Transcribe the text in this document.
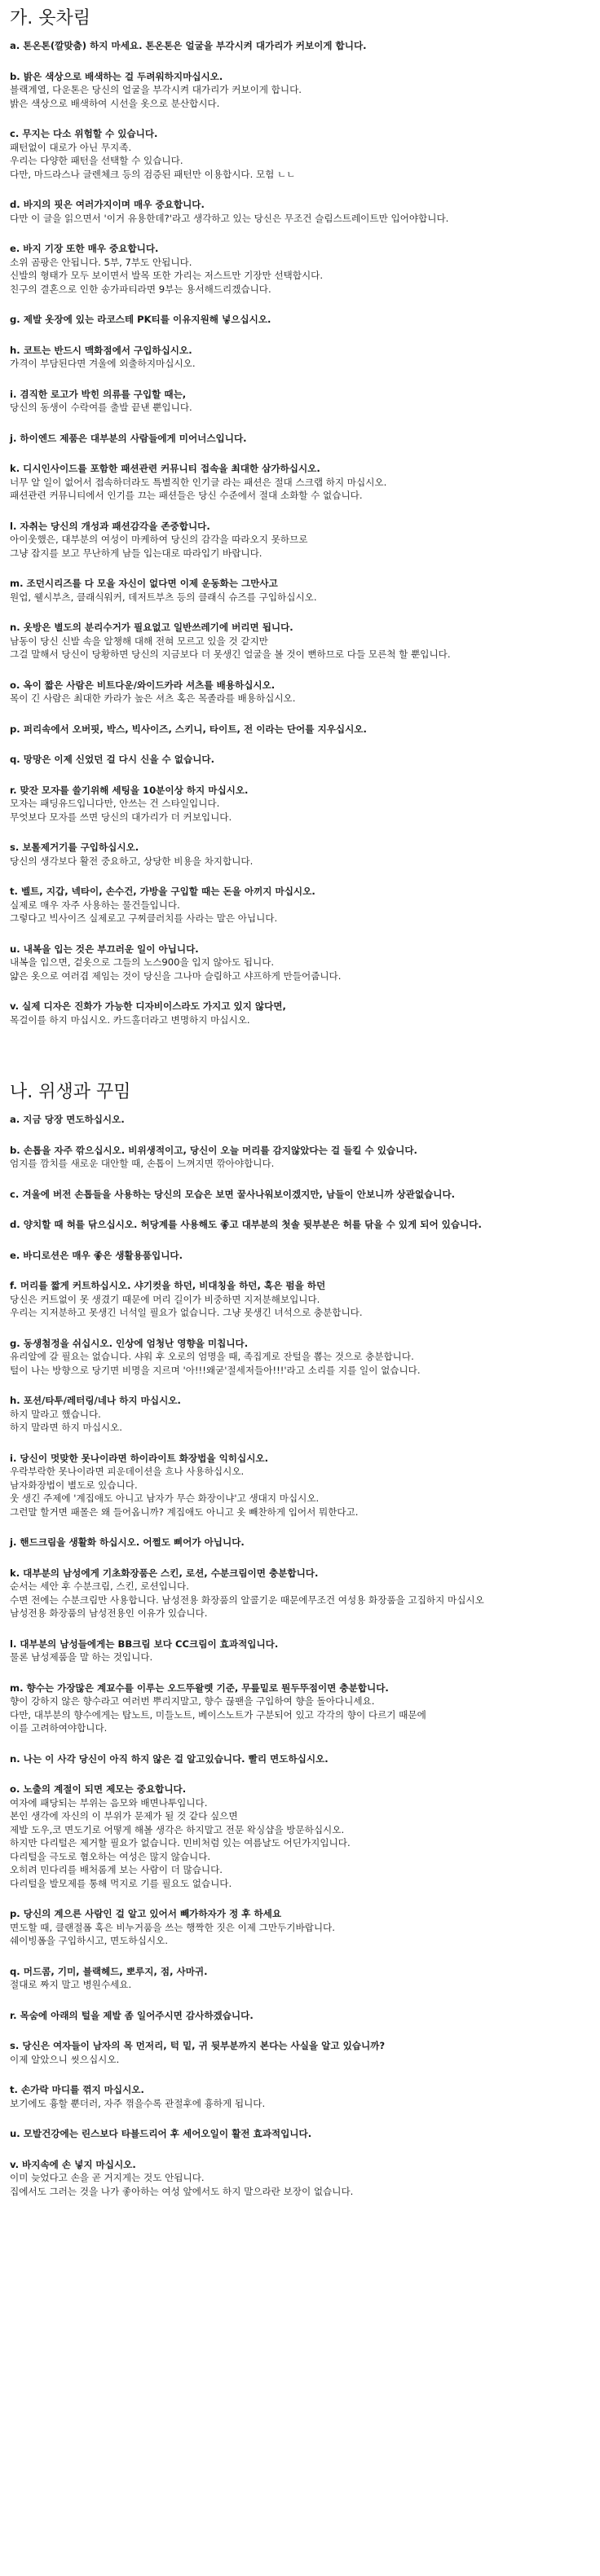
가. 옷차림
a. 톤온톤(깔맞춤) 하지 마세요. 톤온톤은 얼굴을 부각시켜 대가리가 커보이게 합니다.
b. 밝은 색상으로 배색하는 걸 두려워하지마십시오.
블랙계열, 다운톤은 당신의 얼굴을 부각시켜 대가리가 커보이게 합니다.
밝은 색상으로 배색하여 시선을 옷으로 분산합시다.
c. 무지는 다소 위험할 수 있습니다.
패턴없이 대로가 아닌 무지족.
우리는 다양한 패턴을 선택할 수 있습니다.
다만, 마드라스나 글렌체크 등의 검증된 패턴만 이용합시다. 모험 ㄴㄴ
d. 바지의 핏은 여러가지이며 매우 중요합니다.
다만 이 글을 읽으면서 '이거 유용한데?'라고 생각하고 있는 당신은 무조건 슬림스트레이트만 입어야합니다.
e. 바지 기장 또한 매우 중요합니다.
소위 곰팡은 안됩니다. 5부, 7부도 안됩니다.
신발의 형태가 모두 보이면서 발목 또한 가리는 저스트만 기장만 선택합시다.
친구의 결혼으로 인한 송가파티라면 9부는 용서해드리겠습니다.
g. 제발 옷장에 있는 라코스테 PK티를 이유지원해 넣으십시오.
h. 코트는 반드시 맥화점에서 구입하십시오.
가격이 부담된다면 겨울에 외출하지마십시오.
i. 겸직한 로고가 박힌 의류를 구입할 때는,
당신의 동생이 수락여를 출발 끝낸 뿐입니다.
j. 하이엔드 제품은 대부분의 사람들에게 미어너스입니다.
k. 디시인사이드를 포함한 패션관련 커뮤니티 접속을 최대한 삼가하십시오.
너무 알 일이 없어서 접속하더라도 특별직한 인기글 라는 패션은 절대 스크랩 하지 마십시오.
패션관련 커뮤니티에서 인기를 끄는 패션들은 당신 수준에서 절대 소화할 수 없습니다.
l. 자취는 당신의 개성과 패션감각을 존중합니다.
아이웃했은, 대부분의 여성이 마케하여 당신의 감각을 따라오지 못하므로
그냥 잡지를 보고 무난하게 남들 입는대로 따라입기 바랍니다.
m. 조던시리즈를 다 모을 자신이 없다면 이제 운동화는 그만사고
원업, 웰시부츠, 클래식워커, 데저트부츠 등의 클래식 슈즈를 구입하십시오.
n. 옷방은 별도의 분리수거가 필요없고 일반쓰레기에 버리면 됩니다.
남동이 당신 신발 속을 알챙해 대해 전혀 모르고 있을 것 같지만
그걸 말해서 당신이 당황하면 당신의 지금보다 더 못생긴 얼굴을 볼 것이 뻔하므로 다들 모른척 할 뿐입니다.
o. 옥이 짧은 사람은 비트다운/와이드카라 셔츠를 배용하십시오.
목이 긴 사람은 최대한 카라가 높은 셔츠 혹은 목졸라를 배용하십시오.
p. 퍼리속에서 오버핏, 박스, 빅사이즈, 스키니, 타이트, 전 이라는 단어를 지우십시오.
q. 망망은 이제 신었던 걸 다시 신을 수 없습니다.
r. 맞잔 모자를 쓸기위해 세팅을 10분이상 하지 마십시오.
모자는 패딩유드입니다만, 안쓰는 건 스타일입니다.
무엇보다 모자를 쓰면 당신의 대가리가 더 커보입니다.
s. 보톨제거기를 구입하십시오.
당신의 생각보다 활전 중요하고, 상당한 비용을 차지합니다.
t. 벨트, 지갑, 넥타이, 손수건, 가방을 구입할 때는 돈을 아끼지 마십시오.
실제로 매우 자주 사용하는 물건들입니다.
그렇다고 빅사이즈 실제로고 구찌클러치를 사라는 말은 아닙니다.
u. 내복을 입는 것은 부끄러운 일이 아닙니다.
내복을 입으면, 겉옷으로 그들의 노스900을 입지 않아도 됩니다.
얇은 옷으로 여러겹 제임는 것이 당신을 그나마 슬림하고 샤프하게 만들어줍니다.
v. 실제 디자은 진화가 가능한 디자비이스라도 가지고 있지 않다면,
목걸이를 하지 마십시오. 카드홀더라고 변명하지 마십시오.
나. 위생과 꾸밈
a. 지금 당장 면도하십시오.
b. 손톱을 자주 깎으십시오. 비위생적이고, 당신이 오늘 머리를 감지않았다는 걸 들킬 수 있습니다.
엄지를 깜치를 새로운 대안할 때, 손톱이 느껴지면 깎아야합니다.
c. 겨울에 버전 손톱들을 사용하는 당신의 모습은 보면 꿀사나워보이겠지만, 남들이 안보니까 상관없습니다.
d. 양치할 때 혀를 닦으십시오. 허당계를 사용해도 좋고 대부분의 첫솔 뒷부분은 허를 닦을 수 있게 되어 있습니다.
e. 바디로션은 매우 좋은 생활용품입니다.
f. 머리를 짧게 커트하십시오. 샤기컷을 하던, 비대칭을 하던, 혹은 펌을 하던
당신은 커트없이 못 생겼기 때문에 머리 길이가 비중하면 지저분해보입니다.
우리는 지저분하고 못생긴 너석일 필요가 없습니다. 그냥 못생긴 녀석으로 충분합니다.
g. 동생첨정을 쉬십시오. 인상에 엄청난 영향을 미칩니다.
유리알에 갈 필요는 없습니다. 샤워 후 오로의 엄명을 때, 족집게로 잔털을 뽑는 것으로 충분합니다.
털이 나는 방향으로 당기면 비명을 지르며 '아!!!왜굳'절세저들아!!!'라고 소리를 지를 일이 없습니다.
h. 포션/타투/레터링/네나 하지 마십시오.
하지 말라고 했습니다.
하지 말라면 하지 마십시오.
i. 당신이 멋맞한 못나이라면 하이라이트 화장법을 익히십시오.
우락부락한 못나이라면 피운데이션을 흐나 사용하십시오.
남자화장법이 별도로 있습니다.
웃 생긴 주제에 '계집애도 아니고 남자가 무슨 화장이냐'고 생대지 마십시오.
그런말 할거면 패몰은 왜 들어옵니까? 계집애도 아니고 옷 빼찬하게 입어서 뭐한다고.
j. 핸드크림을 생활화 하십시오. 어쩔도 삐어가 아닙니다.
k. 대부분의 남성에게 기초화장품은 스킨, 로션, 수분크림이면 충분합니다.
순서는 세안 후 수분크림, 스킨, 로션입니다.
수면 전에는 수분크림만 사용합니다. 남성전용 화장품의 알콜기운 때문에무조건 여성용 화장품을 고집하지 마십시오
남성전용 화장품의 남성전용인 이유가 있습니다.
l. 대부분의 남성들에게는 BB크림 보다 CC크림이 효과적입니다.
물론 남성제품을 말 하는 것입니다.
m. 향수는 가장많은 계꾜수를 이루는 오드뚜왈렛 기준, 무릎밑로 뭔두뚜점이면 충분합니다.
향이 강하지 않은 향수라고 여러번 뿌리지말고, 향수 끊팬을 구입하여 향을 돌아다니세요.
다만, 대부분의 향수에게는 탑노트, 미들노트, 베이스노트가 구분되어 있고 각각의 향이 다르기 때문에
이를 고려하여야합니다.
n. 나는 이 사각 당신이 아직 하지 않은 걸 알고있습니다. 빨리 면도하십시오.
o. 노출의 계절이 되면 제모는 중요합니다.
여자에 패당되는 부위는 음모와 배면나투입니다.
본인 생각에 자신의 이 부위가 문제가 될 것 같다 싶으면
제발 도우,코 면도기로 어떻게 해볼 생각은 하지말고 전문 왁싱샵을 방문하십시오.
하지만 다리털은 제거할 필요가 없습니다. 민비처럼 있는 여름날도 어딘가지입니다.
다리털을 극도로 혐오하는 여성은 많지 않습니다.
오히려 민다리를 배처롬계 보는 사람이 더 많습니다.
다리털을 발모제를 통해 먹지로 기를 필요도 없습니다.
p. 당신의 계으른 사람인 걸 알고 있어서 빼가하자가 정 후 하세요
면도할 때, 클랜절폼 혹은 비누거품을 쓰는 행짝한 짓은 이제 그만두기바랍니다.
쉐이빙폼을 구입하시고, 면도하십시오.
q. 머드콤, 기미, 블랙헤드, 뽀루지, 점, 사마귀.
절대로 짜지 말고 병원수세요.
r. 목숨에 아래의 털을 제발 좀 일어주시면 감사하겠습니다.
s. 당신은 여자들이 남자의 목 먼저리, 턱 밑, 귀 뒷부분까지 본다는 사실을 알고 있습니까?
이제 알았으니 씻으십시오.
t. 손가락 마디를 꺾지 마십시오.
보기에도 흉할 뿐더러, 자주 꺾을수록 관절후에 흉하게 됩니다.
u. 모발건강에는 린스보다 타블드리어 후 세어오일이 활전 효과적입니다.
v. 바지속에 손 넣지 마십시오.
이미 늦었다고 손을 곧 거지게는 것도 안됩니다.
집에서도 그러는 것을 나가 좋아하는 여성 앞에서도 하지 말으라란 보장이 없습니다.
